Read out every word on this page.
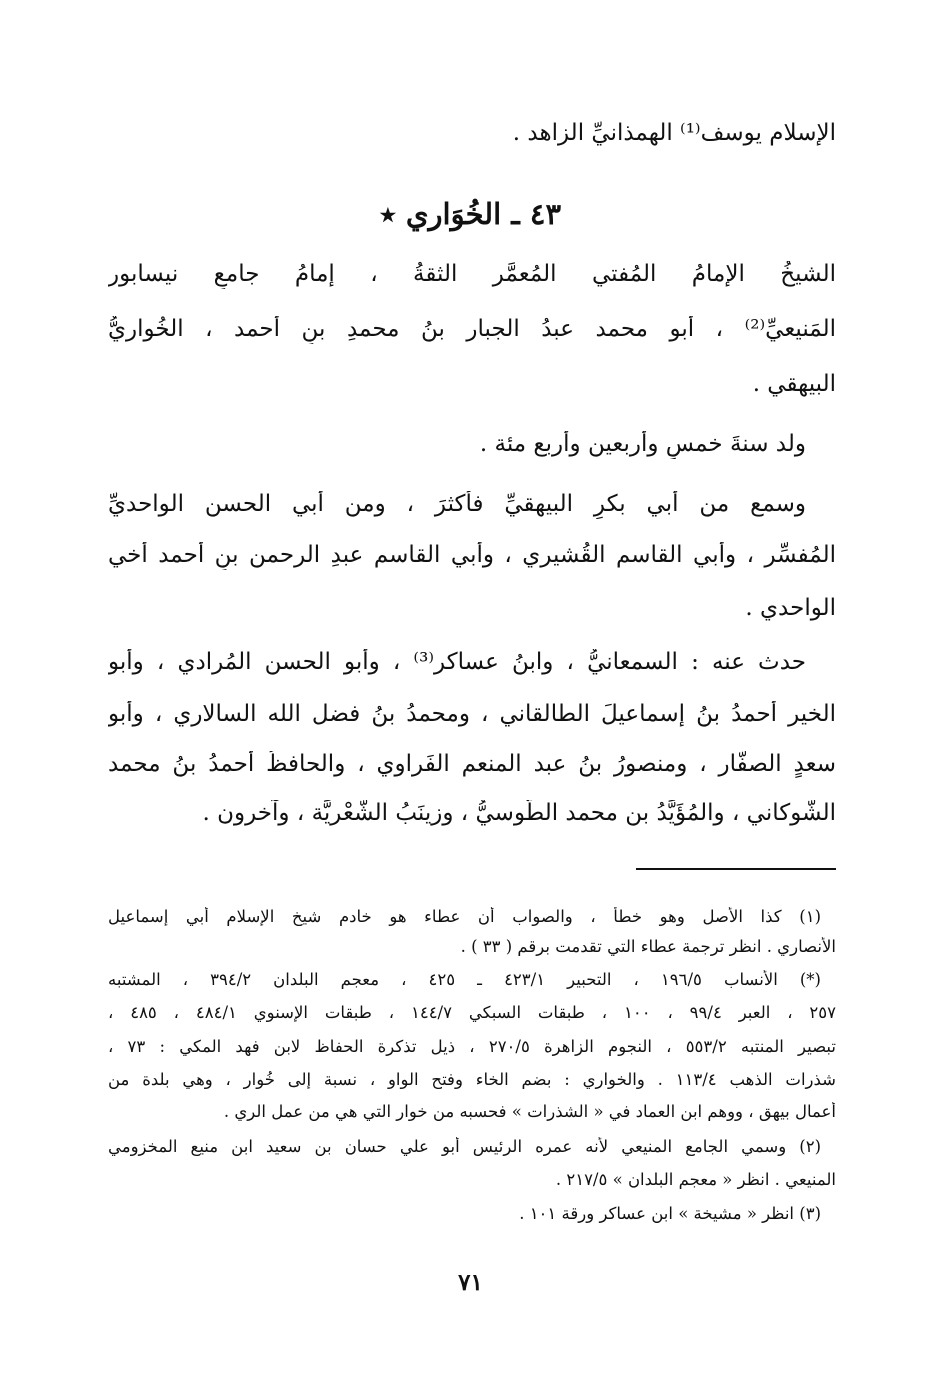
الإسلام يوسف⁽¹⁾ الهمذانيِّ الزاهد .
٤٣ ـ الخُوَاري ٭
الشيخُ الإمامُ المُفتي المُعمَّر الثقةُ ، إمامُ جامعِ نيسابور
المَنيعيِّ⁽²⁾ ، أبو محمد عبدُ الجبار بنُ محمدِ بنِ أحمد ، الخُواريُّ
البيهقي .
ولد سنةَ خمسٍ وأربعين وأربع مئة .
وسمع من أبي بكرٍ البيهقيِّ فأكثرَ ، ومن أبي الحسن الواحديِّ
المُفسِّر ، وأبي القاسم القُشيري ، وأبي القاسم عبدِ الرحمن بنِ أحمد أخي
الواحدي .
حدث عنه : السمعانيُّ ، وابنُ عساكر⁽³⁾ ، وأبو الحسن المُرادي ، وأبو
الخير أحمدُ بنُ إسماعيلَ الطالقاني ، ومحمدُ بنُ فضل الله السالاري ، وأبو
سعدٍ الصفَّار ، ومنصورُ بنُ عبد المنعم الفَراوي ، والحافظُ أحمدُ بنُ محمد
الشَّوكاني ، والمُؤَيَّدُ بن محمد الطُّوسيُّ ، وزينَبُ الشَّعْريَّة ، وآخرون .
(١) كذا الأصل وهو خطأ ، والصواب أن عطاء هو خادم شيخ الإسلام أبي إسماعيل
الأنصاري . انظر ترجمة عطاء التي تقدمت برقم ( ٣٣ ) .
(*) الأنساب ١٩٦/٥ ، التحبير ٤٢٣/١ ـ ٤٢٥ ، معجم البلدان ٣٩٤/٢ ، المشتبه
٢٥٧ ، العبر ٩٩/٤ ، ١٠٠ ، طبقات السبكي ١٤٤/٧ ، طبقات الإسنوي ٤٨٤/١ ، ٤٨٥ ،
تبصير المنتبه ٥٥٣/٢ ، النجوم الزاهرة ٢٧٠/٥ ، ذيل تذكرة الحفاظ لابن فهد المكي : ٧٣ ،
شذرات الذهب ١١٣/٤ . والخواري : بضم الخاء وفتح الواو ، نسبة إلى خُوار ، وهي بلدة من
أعمال بيهق ، ووهم ابن العماد في « الشذرات » فحسبه من خوار التي هي من عمل الري .
(٢) وسمي الجامع المنيعي لأنه عمره الرئيس أبو علي حسان بن سعيد ابن منيع المخزومي
المنيعي . انظر « معجم البلدان » ٢١٧/٥ .
(٣) انظر « مشيخة » ابن عساكر ورقة ١٠١ .
٧١
